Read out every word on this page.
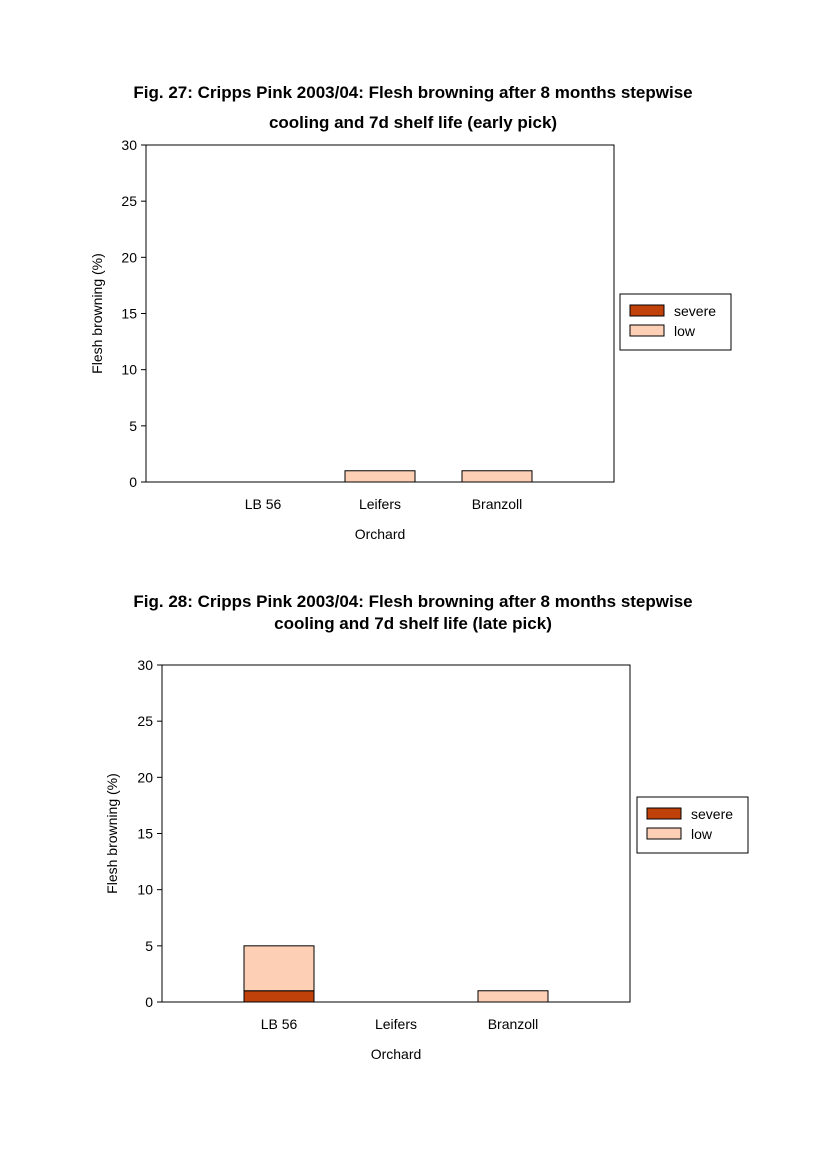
Fig. 27: Cripps Pink 2003/04: Flesh browning after 8 months stepwise
cooling and 7d shelf life (early pick)
0
5
10
15
20
25
30
LB 56	Leifers	Branzoll
Orchard
Flesh browning (%)	severe
low
Fig. 28: Cripps Pink 2003/04: Flesh browning after 8 months stepwise
cooling and 7d shelf life (late pick)
0
5
10
15
20
25
30
LB 56	Leifers	Branzoll
Orchard
Flesh browning (%)	severe
low
